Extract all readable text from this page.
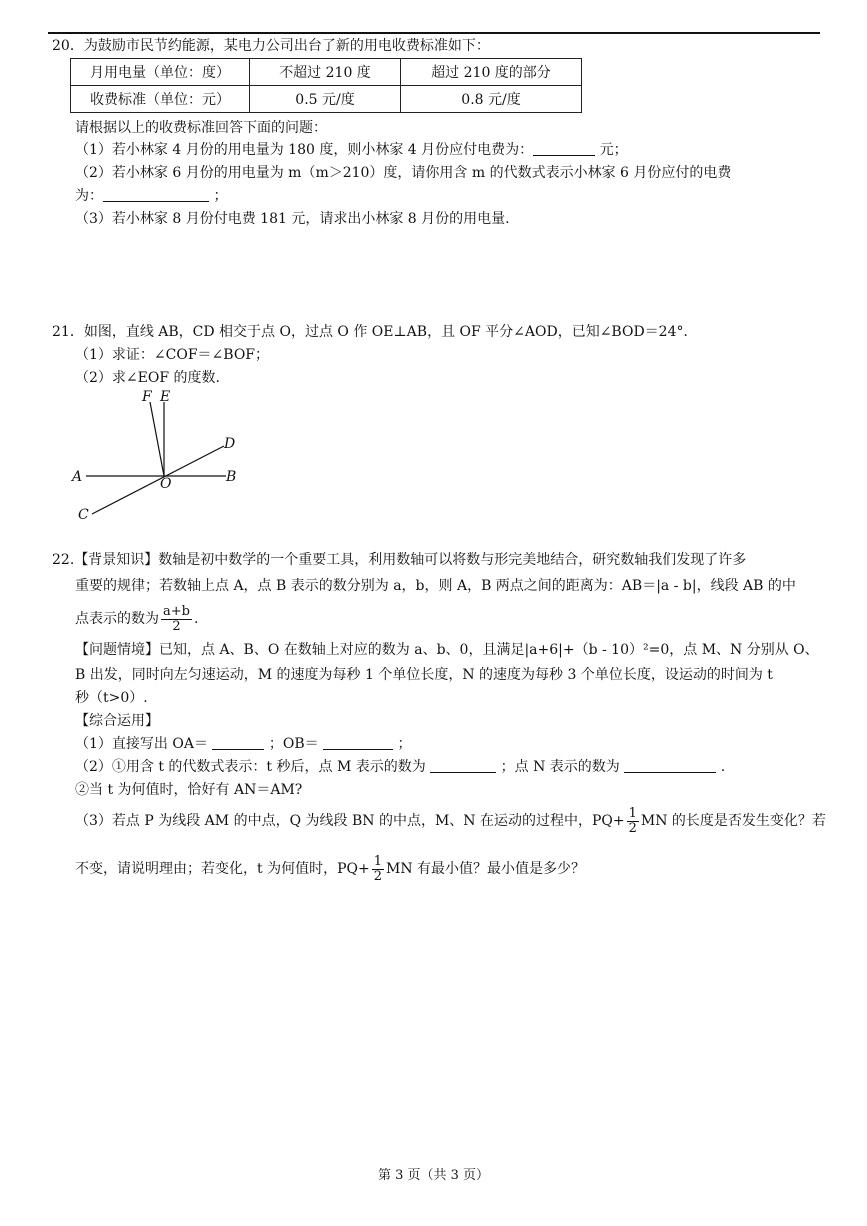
20．为鼓励市民节约能源，某电力公司出台了新的用电收费标准如下：
月用电量（单位：度）	不超过 210 度	超过 210 度的部分
收费标准（单位：元）	0.5 元/度	0.8 元/度
请根据以上的收费标准回答下面的问题：
（1）若小林家 4 月份的用电量为 180 度，则小林家 4 月份应付电费为：	元；
（2）若小林家 6 月份的用电量为 m（m＞210）度，请你用含 m 的代数式表示小林家 6 月份应付的电费
为：	；
（3）若小林家 8 月份付电费 181 元，请求出小林家 8 月份的用电量.
21．如图，直线 AB，CD 相交于点 O，过点 O 作 OE⊥AB，且 OF 平分∠AOD，已知∠BOD＝24°．
（1）求证：∠COF＝∠BOF；
（2）求∠EOF 的度数.
F E
D
A	O	B
C
22.【背景知识】数轴是初中数学的一个重要工具，利用数轴可以将数与形完美地结合，研究数轴我们发现了许多
重要的规律；若数轴上点 A，点 B 表示的数分别为 a，b，则 A，B 两点之间的距离为：AB＝|a - b|，线段 AB 的中
点表示的数为 $\frac{a+b}{2}$ .
【问题情境】已知，点 A、B、O 在数轴上对应的数为 a、b、0，且满足|a+6|+（b - 10）²=0，点 M、N 分别从 O、
B 出发，同时向左匀速运动，M 的速度为每秒 1 个单位长度，N 的速度为每秒 3 个单位长度，设运动的时间为 t
秒（t>0）.
【综合运用】
（1）直接写出 OA＝	；OB＝	；
（2）①用含 t 的代数式表示：t 秒后，点 M 表示的数为	；点 N 表示的数为	.
②当 t 为何值时，恰好有 AN＝AM?
（3）若点 P 为线段 AM 的中点，Q 为线段 BN 的中点，M、N 在运动的过程中，$PQ+ \frac{1}{2}$ MN 的长度是否发生变化？若
不变，请说明理由；若变化，t 为何值时，$PQ+ \frac{1}{2}$ MN 有最小值？最小值是多少？
第 3 页（共 3 页）
